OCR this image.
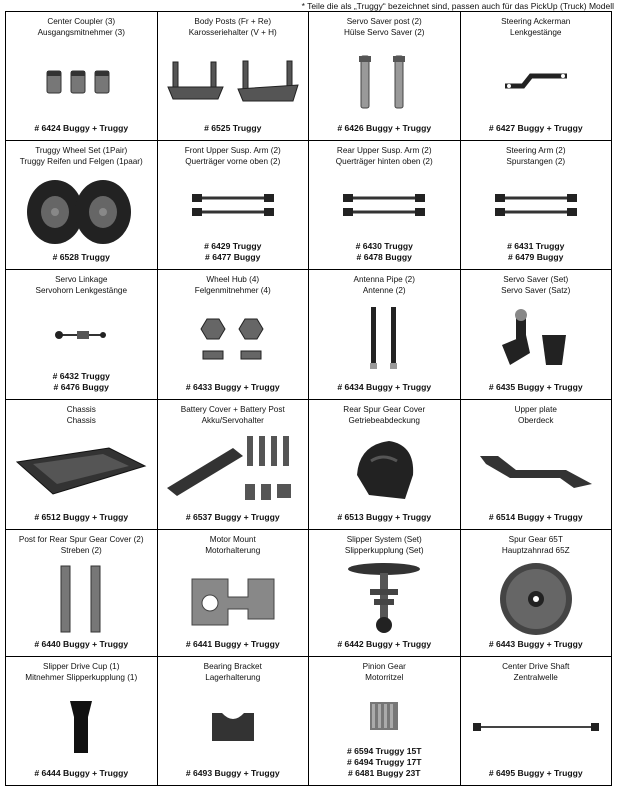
* Teile die als „Truggy“ bezeichnet sind, passen auch für das PickUp (Truck) Modell
Center Coupler (3)
Ausgangsmitnehmer (3)
# 6424 Buggy + Truggy
Body Posts (Fr + Re)
Karosseriehalter (V + H)
# 6525 Truggy
Servo Saver post (2)
Hülse Servo Saver (2)
# 6426 Buggy + Truggy
Steering Ackerman
Lenkgestänge
# 6427 Buggy + Truggy
Truggy Wheel Set (1Pair)
Truggy Reifen und Felgen (1paar)
# 6528 Truggy
Front Upper Susp. Arm (2)
Querträger vorne oben (2)
# 6429 Truggy
# 6477 Buggy
Rear Upper Susp. Arm (2)
Querträger hinten oben (2)
# 6430 Truggy
# 6478 Buggy
Steering Arm (2)
Spurstangen (2)
# 6431 Truggy
# 6479 Buggy
Servo Linkage
Servohorn Lenkgestänge
# 6432 Truggy
# 6476 Buggy
Wheel Hub (4)
Felgenmitnehmer (4)
# 6433 Buggy + Truggy
Antenna Pipe (2)
Antenne (2)
# 6434 Buggy + Truggy
Servo Saver (Set)
Servo Saver (Satz)
# 6435 Buggy + Truggy
Chassis
Chassis
# 6512 Buggy + Truggy
Battery Cover + Battery Post
Akku/Servohalter
# 6537 Buggy + Truggy
Rear Spur Gear Cover
Getriebeabdeckung
# 6513 Buggy + Truggy
Upper plate
Oberdeck
# 6514 Buggy + Truggy
Post for Rear Spur Gear Cover (2)
Streben (2)
# 6440 Buggy + Truggy
Motor Mount
Motorhalterung
# 6441 Buggy + Truggy
Slipper System (Set)
Slipperkupplung (Set)
# 6442 Buggy + Truggy
Spur Gear 65T
Hauptzahnrad 65Z
# 6443 Buggy + Truggy
Slipper Drive Cup (1)
Mitnehmer Slipperkupplung (1)
# 6444 Buggy + Truggy
Bearing Bracket
Lagerhalterung
# 6493 Buggy + Truggy
Pinion Gear
Motorritzel
# 6594 Truggy 15T
# 6494 Truggy 17T
# 6481 Buggy 23T
Center Drive Shaft
Zentralwelle
# 6495 Buggy + Truggy
